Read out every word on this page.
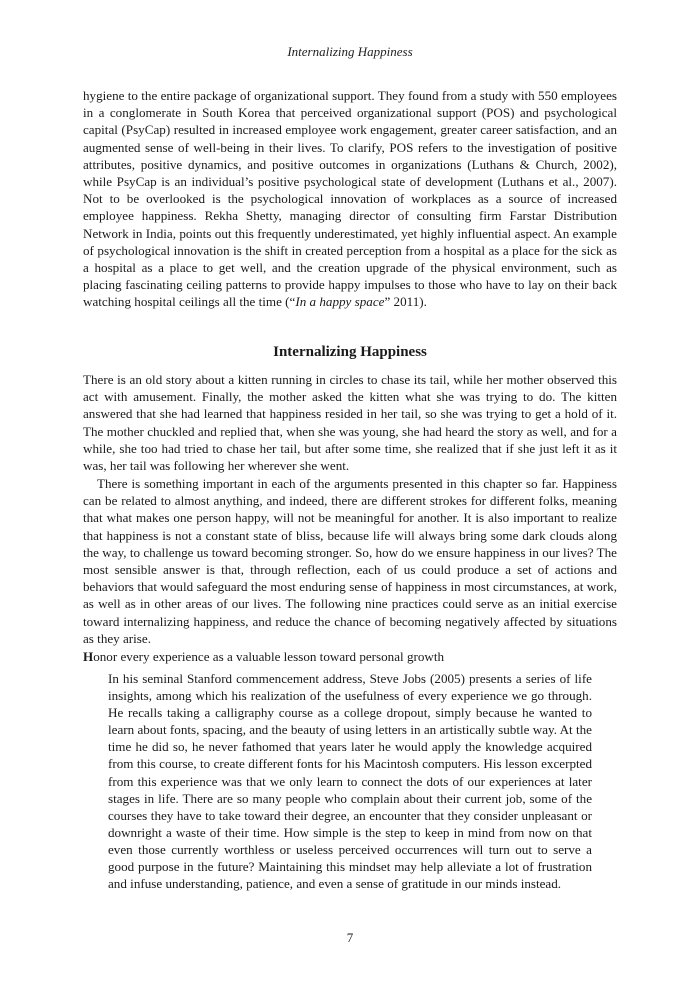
Internalizing Happiness

hygiene to the entire package of organizational support. They found from a study with 550 employees in a conglomerate in South Korea that perceived organizational support (POS) and psychological capital (PsyCap) resulted in increased employee work engagement, greater career satisfaction, and an augmented sense of well-being in their lives. To clarify, POS refers to the investigation of positive attributes, positive dynamics, and positive outcomes in organizations (Luthans & Church, 2002), while PsyCap is an individual’s positive psychological state of development (Luthans et al., 2007). Not to be overlooked is the psychological innovation of workplaces as a source of increased employee happiness. Rekha Shetty, managing director of consulting firm Farstar Distribution Network in India, points out this frequently underestimated, yet highly influential aspect. An example of psychological innovation is the shift in created perception from a hospital as a place for the sick as a hospital as a place to get well, and the creation upgrade of the physical environment, such as placing fascinating ceiling patterns to provide happy impulses to those who have to lay on their back watching hospital ceilings all the time (“In a happy space” 2011).

Internalizing Happiness

There is an old story about a kitten running in circles to chase its tail, while her mother observed this act with amusement. Finally, the mother asked the kitten what she was trying to do. The kitten answered that she had learned that happiness resided in her tail, so she was trying to get a hold of it. The mother chuckled and replied that, when she was young, she had heard the story as well, and for a while, she too had tried to chase her tail, but after some time, she realized that if she just left it as it was, her tail was following her wherever she went.

There is something important in each of the arguments presented in this chapter so far. Happiness can be related to almost anything, and indeed, there are different strokes for different folks, meaning that what makes one person happy, will not be meaningful for another. It is also important to realize that happiness is not a constant state of bliss, because life will always bring some dark clouds along the way, to challenge us toward becoming stronger. So, how do we ensure happiness in our lives? The most sensible answer is that, through reflection, each of us could produce a set of actions and behaviors that would safeguard the most enduring sense of happiness in most circumstances, at work, as well as in other areas of our lives. The following nine practices could serve as an initial exercise toward internalizing happiness, and reduce the chance of becoming negatively affected by situations as they arise.

Honor every experience as a valuable lesson toward personal growth

In his seminal Stanford commencement address, Steve Jobs (2005) presents a series of life insights, among which his realization of the usefulness of every experience we go through. He recalls taking a calligraphy course as a college dropout, simply because he wanted to learn about fonts, spacing, and the beauty of using letters in an artistically subtle way. At the time he did so, he never fathomed that years later he would apply the knowledge acquired from this course, to create different fonts for his Macintosh computers. His lesson excerpted from this experience was that we only learn to connect the dots of our experiences at later stages in life. There are so many people who complain about their current job, some of the courses they have to take toward their degree, an encounter that they consider unpleasant or downright a waste of their time. How simple is the step to keep in mind from now on that even those currently worthless or useless perceived occurrences will turn out to serve a good purpose in the future? Maintaining this mindset may help alleviate a lot of frustration and infuse understanding, patience, and even a sense of gratitude in our minds instead.

7
